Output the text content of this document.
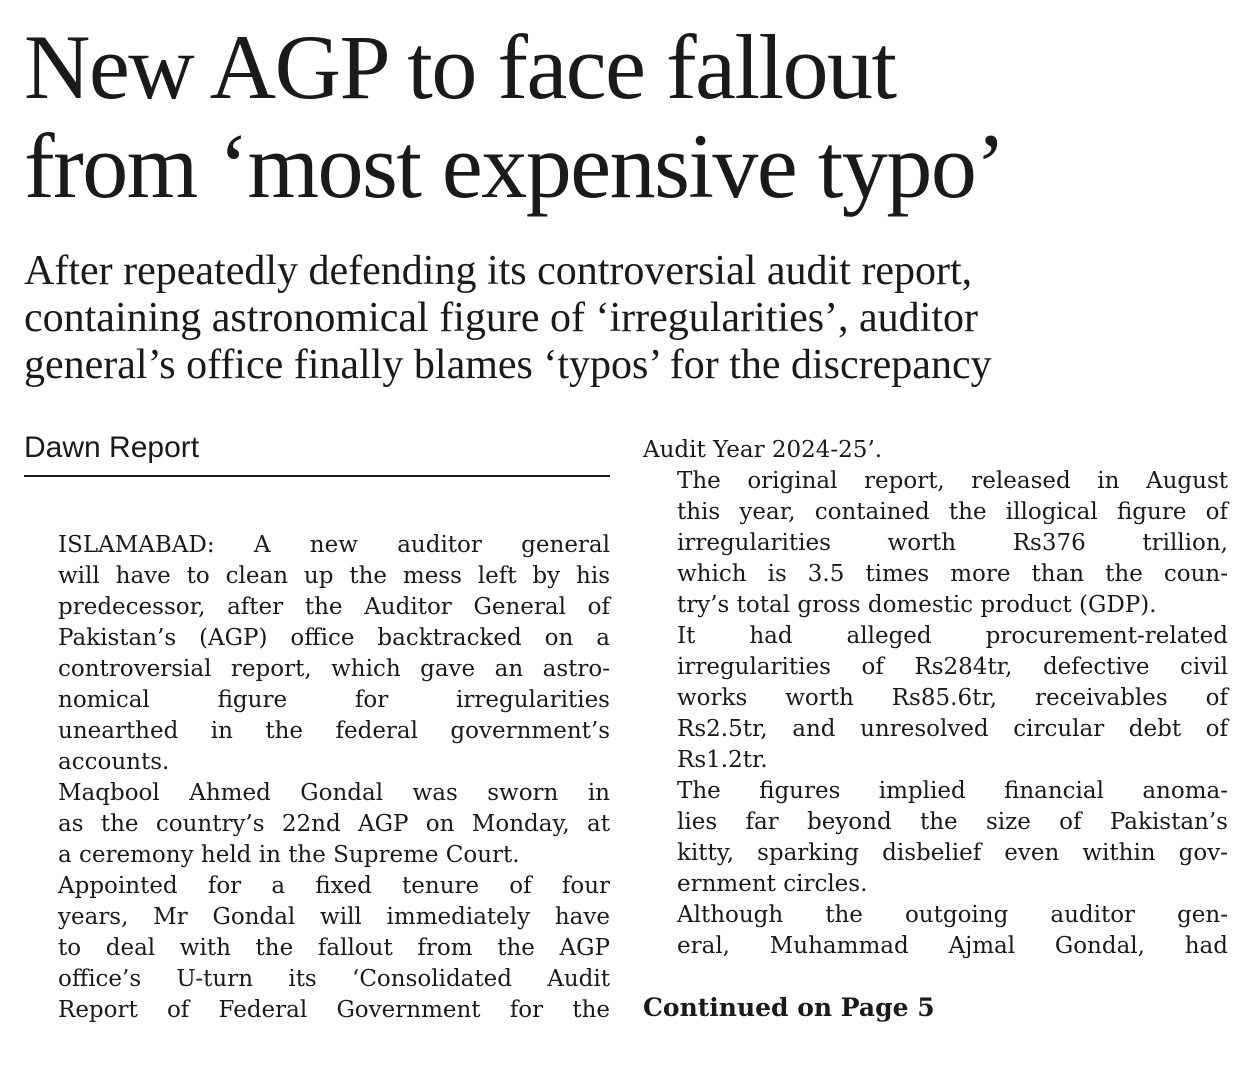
New AGP to face fallout
from ‘most expensive typo’
After repeatedly defending its controversial audit report,
containing astronomical figure of ‘irregularities’, auditor
general’s office finally blames ‘typos’ for the discrepancy
Dawn Report

ISLAMABAD: A new auditor general
will have to clean up the mess left by his
predecessor, after the Auditor General of
Pakistan’s (AGP) office backtracked on a
controversial report, which gave an astro-
nomical figure for irregularities
unearthed in the federal government’s
accounts.

Maqbool Ahmed Gondal was sworn in
as the country’s 22nd AGP on Monday, at
a ceremony held in the Supreme Court.

Appointed for a fixed tenure of four
years, Mr Gondal will immediately have
to deal with the fallout from the AGP
office’s U-turn its ‘Consolidated Audit
Report of Federal Government for the

Audit Year 2024-25’.

The original report, released in August
this year, contained the illogical figure of
irregularities worth Rs376 trillion,
which is 3.5 times more than the coun-
try’s total gross domestic product (GDP).

It had alleged procurement-related
irregularities of Rs284tr, defective civil
works worth Rs85.6tr, receivables of
Rs2.5tr, and unresolved circular debt of
Rs1.2tr.

The figures implied financial anoma-
lies far beyond the size of Pakistan’s
kitty, sparking disbelief even within gov-
ernment circles.

Although the outgoing auditor gen-
eral, Muhammad Ajmal Gondal, had

Continued on Page 5
